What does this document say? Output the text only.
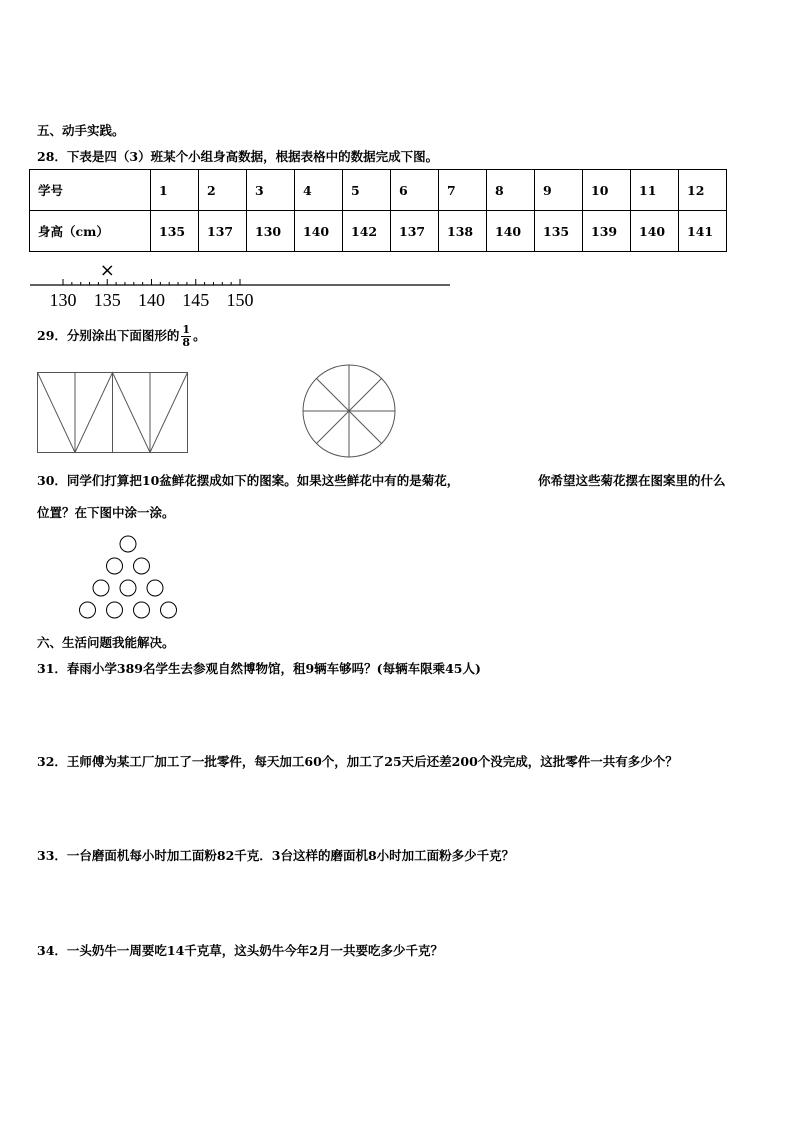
五、动手实践。
28．下表是四（3）班某个小组身高数据，根据表格中的数据完成下图。
学号	1	2	3	4	5	6	7	8	9	10	11	12
身高（cm）	135	137	130	140	142	137	138	140	135	139	140	141
130 135 140 145 150
×
29．分别涂出下面图形的 $\frac{1}{8}$ 。
30．同学们打算把10盆鲜花摆成如下的图案。如果这些鲜花中有的是菊花，	你希望这些菊花摆在图案里的什么
位置？在下图中涂一涂。
六、生活问题我能解决。
31．春雨小学389名学生去参观自然博物馆，租9辆车够吗？(每辆车限乘45人)
32．王师傅为某工厂加工了一批零件，每天加工60个，加工了25天后还差200个没完成，这批零件一共有多少个？
33．一台磨面机每小时加工面粉82千克．3台这样的磨面机8小时加工面粉多少千克？
34．一头奶牛一周要吃14千克草，这头奶牛今年2月一共要吃多少千克？
